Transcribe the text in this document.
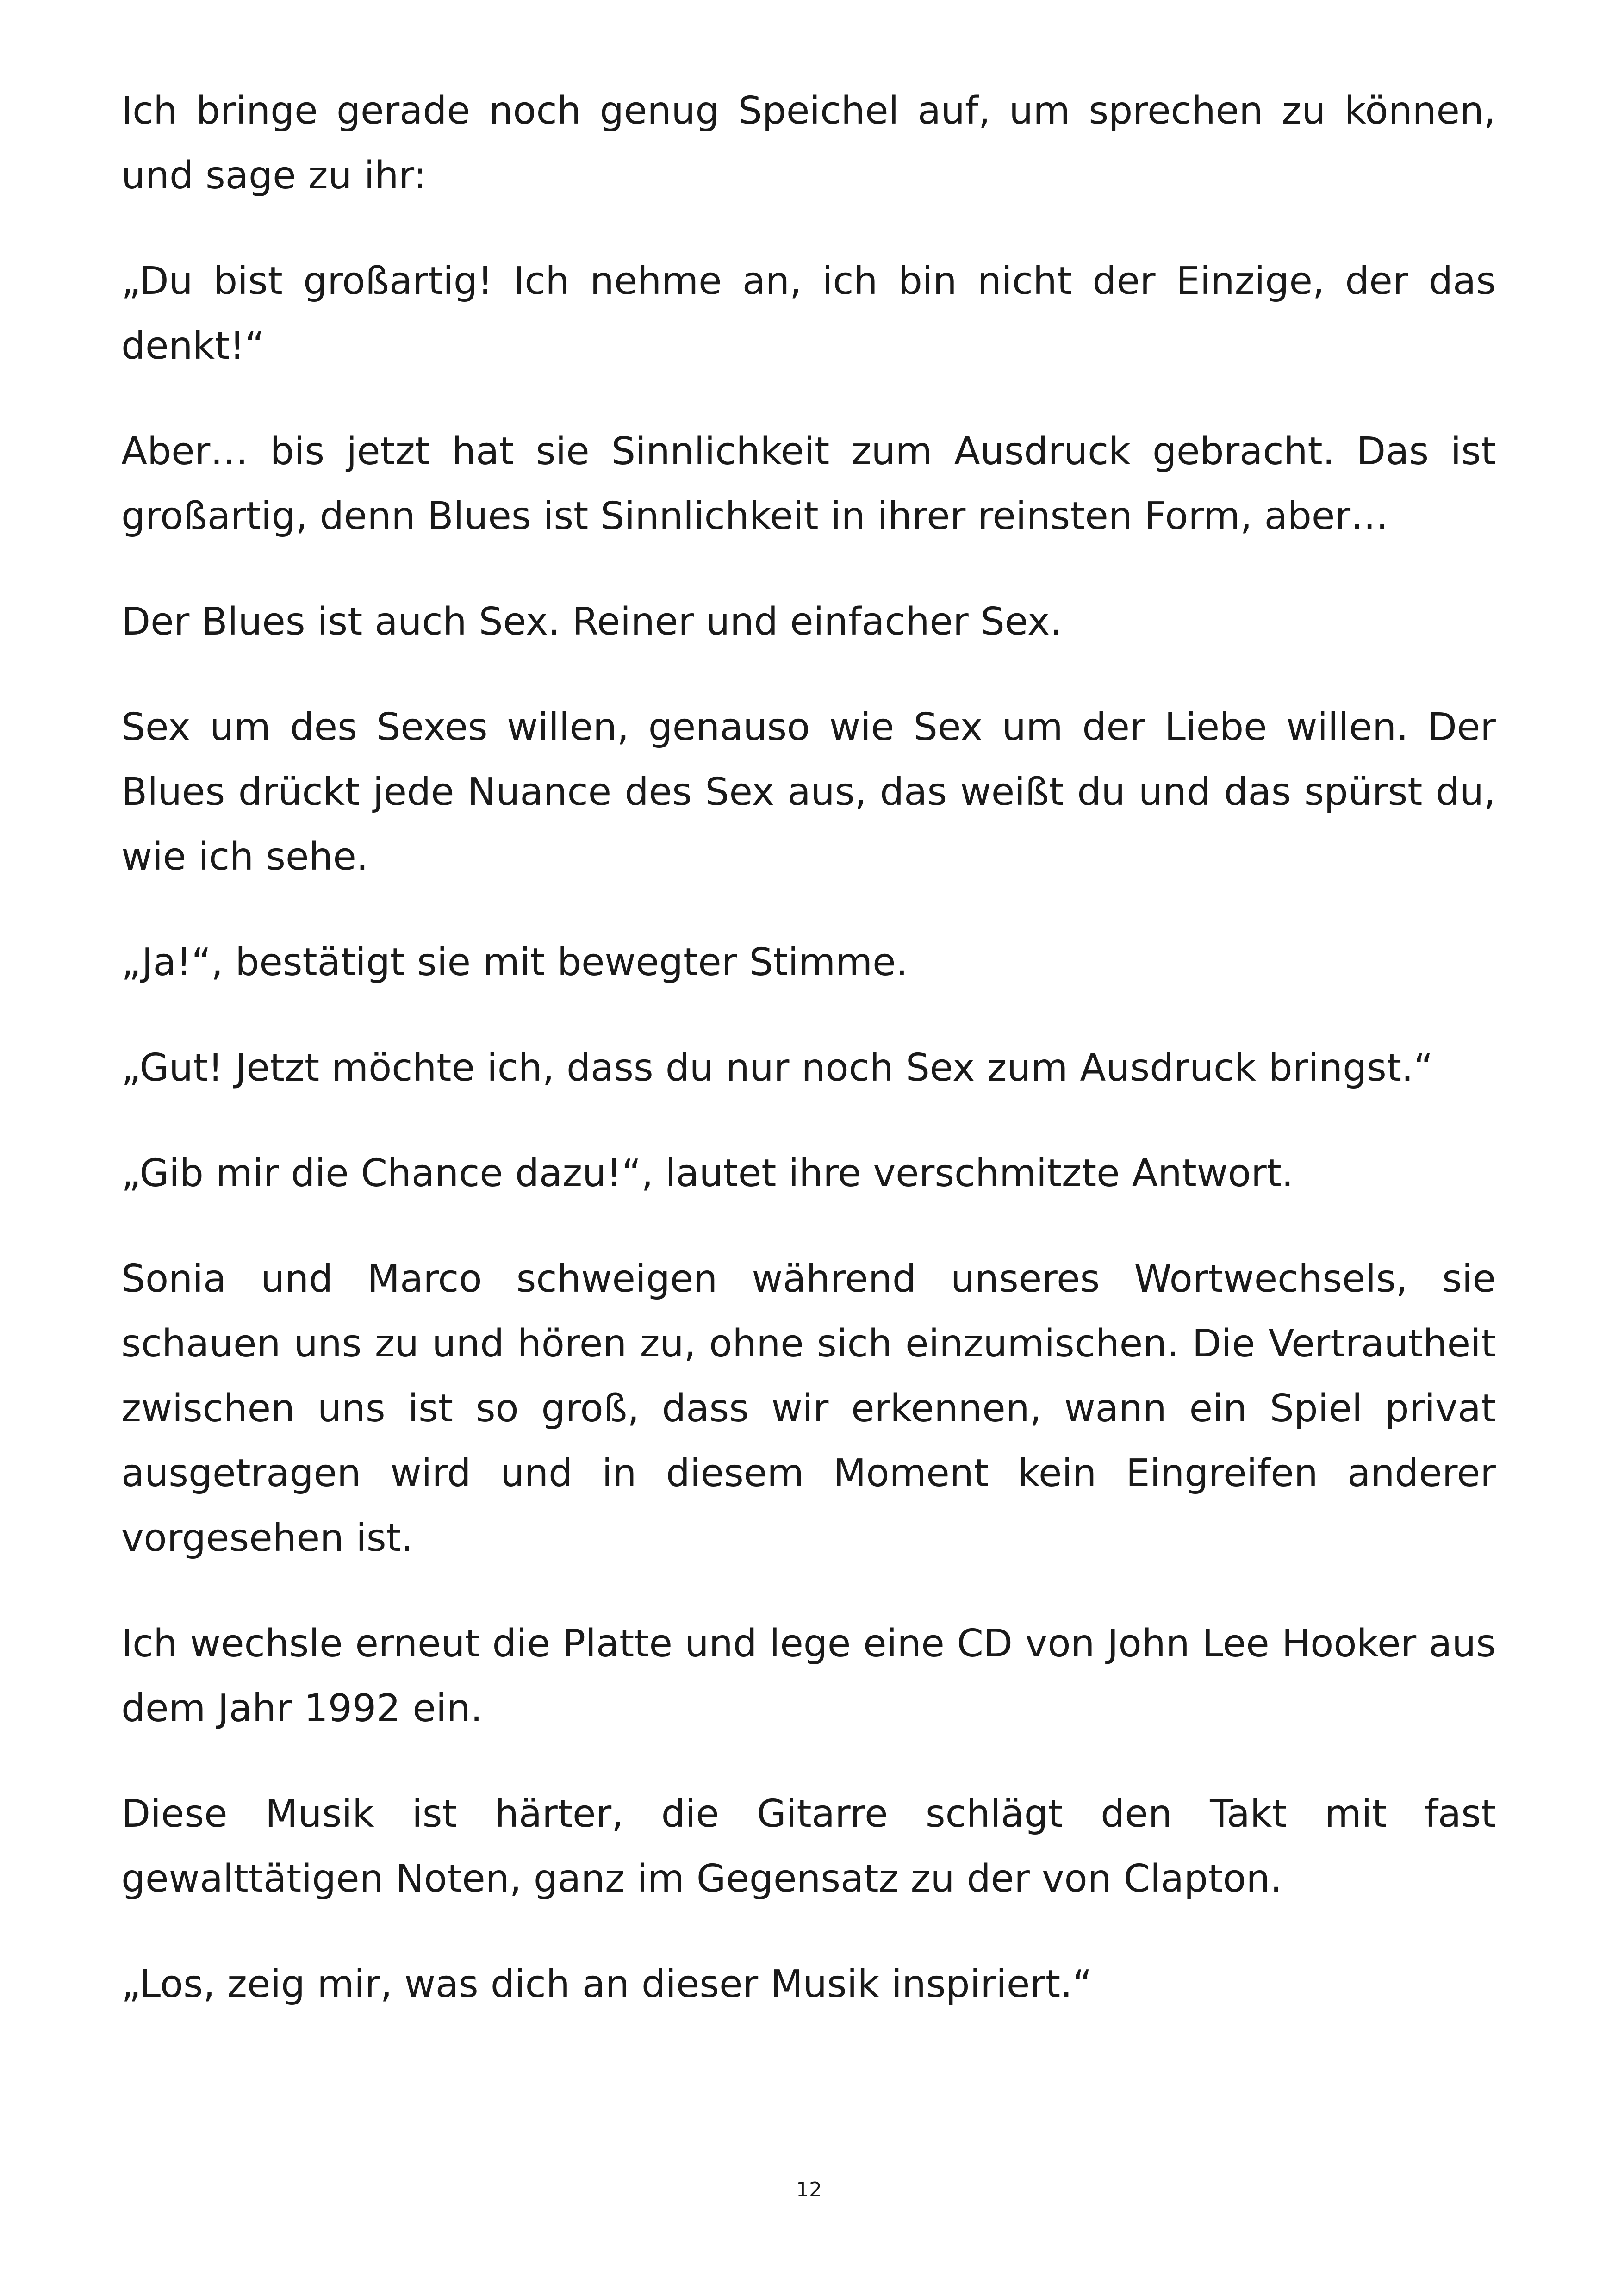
Ich bringe gerade noch genug Speichel auf, um sprechen zu können, und sage zu ihr:

„Du bist großartig! Ich nehme an, ich bin nicht der Einzige, der das denkt!“

Aber… bis jetzt hat sie Sinnlichkeit zum Ausdruck gebracht. Das ist großartig, denn Blues ist Sinnlichkeit in ihrer reinsten Form, aber…

Der Blues ist auch Sex. Reiner und einfacher Sex.

Sex um des Sexes willen, genauso wie Sex um der Liebe willen. Der Blues drückt jede Nuance des Sex aus, das weißt du und das spürst du, wie ich sehe.

„Ja!“, bestätigt sie mit bewegter Stimme.

„Gut! Jetzt möchte ich, dass du nur noch Sex zum Ausdruck bringst.“

„Gib mir die Chance dazu!“, lautet ihre verschmitzte Antwort.

Sonia und Marco schweigen während unseres Wortwechsels, sie schauen uns zu und hören zu, ohne sich einzumischen. Die Vertrautheit zwischen uns ist so groß, dass wir erkennen, wann ein Spiel privat ausgetragen wird und in diesem Moment kein Eingreifen anderer vorgesehen ist.

Ich wechsle erneut die Platte und lege eine CD von John Lee Hooker aus dem Jahr 1992 ein.

Diese Musik ist härter, die Gitarre schlägt den Takt mit fast gewalttätigen Noten, ganz im Gegensatz zu der von Clapton.

„Los, zeig mir, was dich an dieser Musik inspiriert.“

12
